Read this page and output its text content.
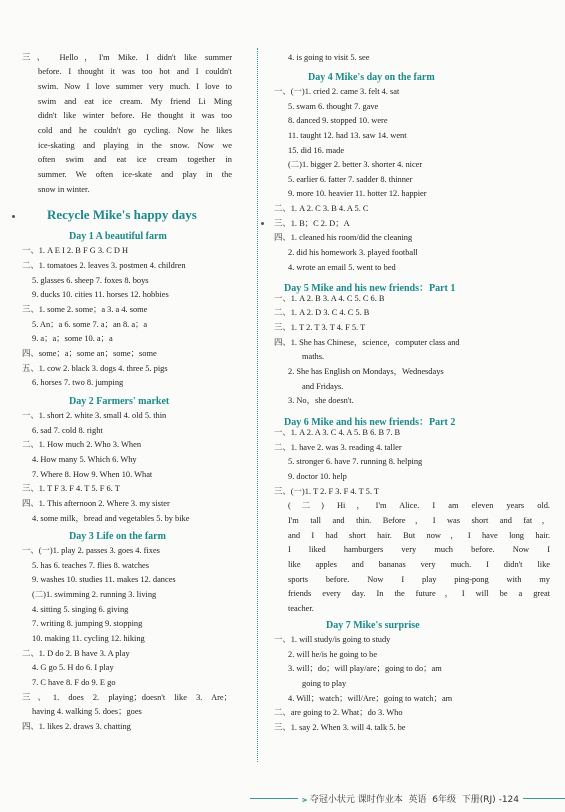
三、 Hello，I'm Mike. I didn't like summer
before. I thought it was too hot and I couldn't
swim. Now I love summer very much. I love to
swim and eat ice cream. My friend Li Ming
didn't like winter before. He thought it was too
cold and he couldn't go cycling. Now he likes
ice-skating and playing in the snow. Now we
often swim and eat ice cream together in
summer. We often ice-skate and play in the
snow in winter.
Recycle Mike's happy days
Day 1 A beautiful farm
一、1. A E I 2. B F G 3. C D H
二、1. tomatoes 2. leaves 3. postmen 4. children
5. glasses 6. sheep 7. foxes 8. boys
9. ducks 10. cities 11. horses 12. hobbies
三、1. some 2. some；a 3. a 4. some
5. An；a 6. some 7. a；an 8. a；a
9. a；a；some 10. a；a
四、some；a；some an；some；some
五、1. cow 2. black 3. dogs 4. three 5. pigs
6. horses 7. two 8. jumping
Day 2 Farmers' market
一、1. short 2. white 3. small 4. old 5. thin
6. sad 7. cold 8. right
二、1. How much 2. Who 3. When
4. How many 5. Which 6. Why
7. Where 8. How 9. When 10. What
三、1. T F 3. F 4. T 5. F 6. T
四、1. This afternoon 2. Where 3. my sister
4. some milk，bread and vegetables 5. by bike
Day 3 Life on the farm
一、(一)1. play 2. passes 3. goes 4. fixes
5. has 6. teaches 7. flies 8. watches
9. washes 10. studies 11. makes 12. dances
(二)1. swimming 2. running 3. living
4. sitting 5. singing 6. giving
7. writing 8. jumping 9. stopping
10. making 11. cycling 12. hiking
二、1. D do 2. B have 3. A play
4. G go 5. H do 6. I play
7. C have 8. F do 9. E go
三、1. does 2. playing；doesn't like 3. Are；
having 4. walking 5. does；goes
四、1. likes 2. draws 3. chatting
4. is going to visit 5. see
Day 4 Mike's day on the farm
一、(一)1. cried 2. came 3. felt 4. sat
5. swam 6. thought 7. gave
8. danced 9. stopped 10. were
11. taught 12. had 13. saw 14. went
15. did 16. made
(二)1. bigger 2. better 3. shorter 4. nicer
5. earlier 6. fatter 7. sadder 8. thinner
9. more 10. heavier 11. hotter 12. happier
二、1. A 2. C 3. B 4. A 5. C
三、1. B；C 2. D；A
四、1. cleaned his room/did the cleaning
2. did his homework 3. played football
4. wrote an email 5. went to bed
Day 5 Mike and his new friends：Part 1
一、1. A 2. B 3. A 4. C 5. C 6. B
二、1. A 2. D 3. C 4. C 5. B
三、1. T 2. T 3. T 4. F 5. T
四、1. She has Chinese，science，computer class and
maths.
2. She has English on Mondays，Wednesdays
and Fridays.
3. No，she doesn't.
Day 6 Mike and his new friends：Part 2
一、1. A 2. A 3. C 4. A 5. B 6. B 7. B
二、1. have 2. was 3. reading 4. taller
5. stronger 6. have 7. running 8. helping
9. doctor 10. help
三、(一)1. T 2. F 3. F 4. T 5. T
(二) Hi，I'm Alice. I am eleven years old.
I'm tall and thin. Before，I was short and fat，
and I had short hair. But now，I have long hair.
I liked hamburgers very much before. Now I
like apples and bananas very much. I didn't like
sports before. Now I play ping-pong with my
friends every day. In the future，I will be a great
teacher.
Day 7 Mike's surprise
一、1. will study/is going to study
2. will he/is he going to be
3. will；do；will play/are；going to do；am
going to play
4. Will；watch；will/Are；going to watch；am
二、are going to 2. What；do 3. Who
三、1. say 2. When 3. will 4. talk 5. be
⪫ 夺冠小状元 课时作业本 英语 6年级 下册(RJ) -124
